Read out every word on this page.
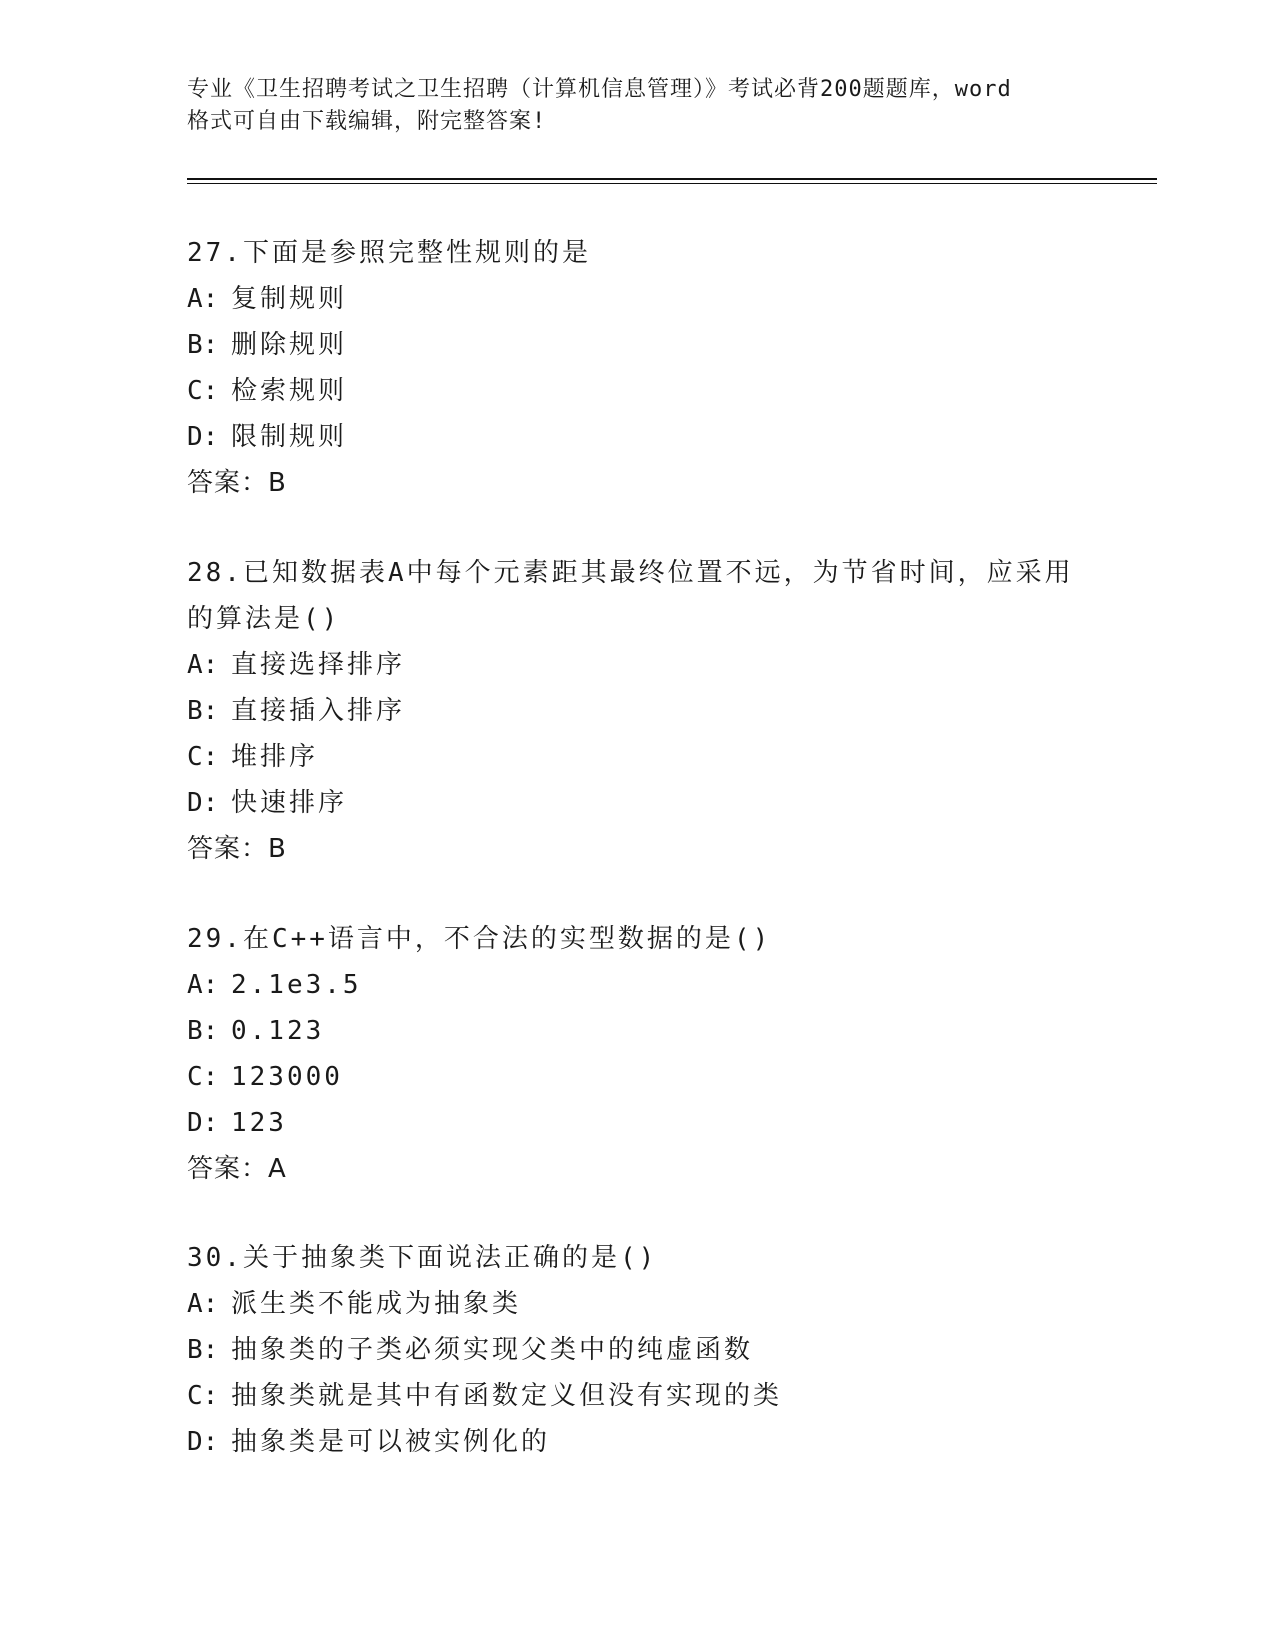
专业《卫生招聘考试之卫生招聘（计算机信息管理）》考试必背200题题库，word
格式可自由下载编辑，附完整答案!
27.下面是参照完整性规则的是
A: 复制规则
B: 删除规则
C: 检索规则
D: 限制规则
答案：B
28.已知数据表A中每个元素距其最终位置不远，为节省时间，应采用
的算法是()
A: 直接选择排序
B: 直接插入排序
C: 堆排序
D: 快速排序
答案：B
29.在C++语言中，不合法的实型数据的是()
A: 2.1e3.5
B: 0.123
C: 123000
D: 123
答案：A
30.关于抽象类下面说法正确的是()
A: 派生类不能成为抽象类
B: 抽象类的子类必须实现父类中的纯虚函数
C: 抽象类就是其中有函数定义但没有实现的类
D: 抽象类是可以被实例化的
